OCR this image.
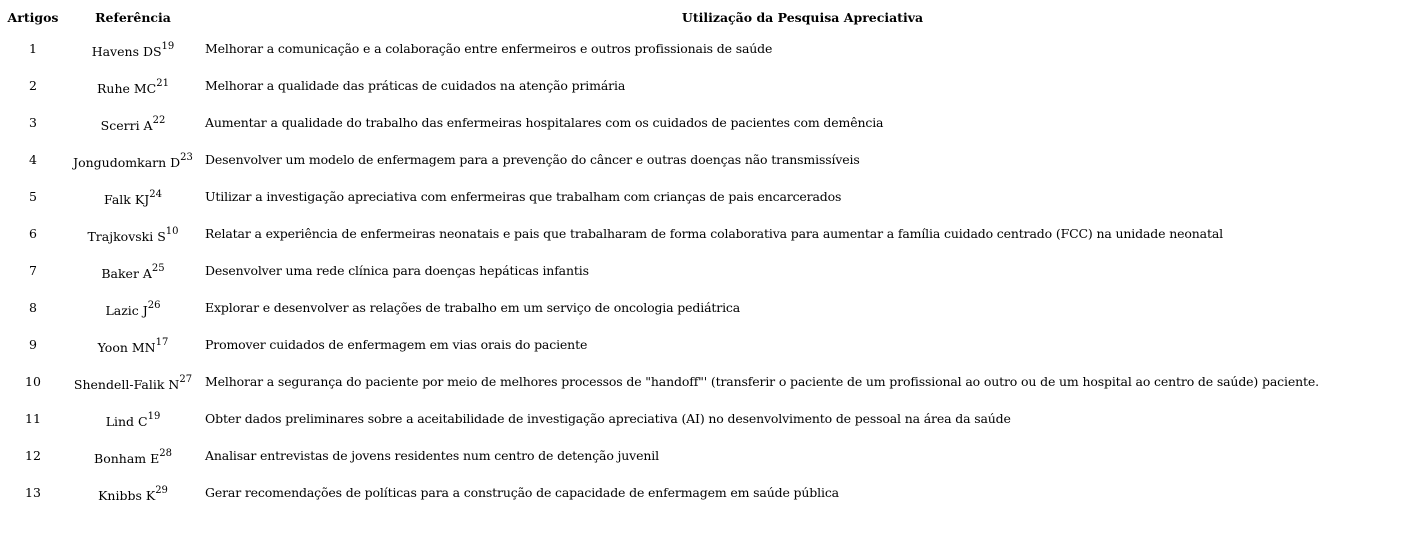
Artigos	Referência	Utilização da Pesquisa Apreciativa
1	Havens DS$^{19}$	Melhorar a comunicação e a colaboração entre enfermeiros e outros profissionais de saúde
2	Ruhe MC$^{21}$	Melhorar a qualidade das práticas de cuidados na atenção primária
3	Scerri $A^{22}$	Aumentar a qualidade do trabalho das enfermeiras hospitalares com os cuidados de pacientes com demência
4	Jongudomkarn $D^{23}$	Desenvolver um modelo de enfermagem para a prevenção do câncer e outras doenças não transmissíveis
5	Falk KJ$^{24}$	Utilizar a investigação apreciativa com enfermeiras que trabalham com crianças de pais encarcerados
6	Trajkovski $S^{10}$	Relatar a experiência de enfermeiras neonatais e pais que trabalharam de forma colaborativa para aumentar a família cuidado centrado (FCC) na unidade neonatal
7	Baker $A^{25}$	Desenvolver uma rede clínica para doenças hepáticas infantis
8	Lazic $J^{26}$	Explorar e desenvolver as relações de trabalho em um serviço de oncologia pediátrica
9	Yoon MN$^{17}$	Promover cuidados de enfermagem em vias orais do paciente
10	Shendell-Falik $N^{27}$	Melhorar a segurança do paciente por meio de melhores processos de "handoff"' (transferir o paciente de um profissional ao outro ou de um hospital ao centro de saúde) paciente.
11	Lind $C^{19}$	Obter dados preliminares sobre a aceitabilidade de investigação apreciativa (AI) no desenvolvimento de pessoal na área da saúde
12	Bonham $E^{28}$	Analisar entrevistas de jovens residentes num centro de detenção juvenil
13	Knibbs $K^{29}$	Gerar recomendações de políticas para a construção de capacidade de enfermagem em saúde pública
